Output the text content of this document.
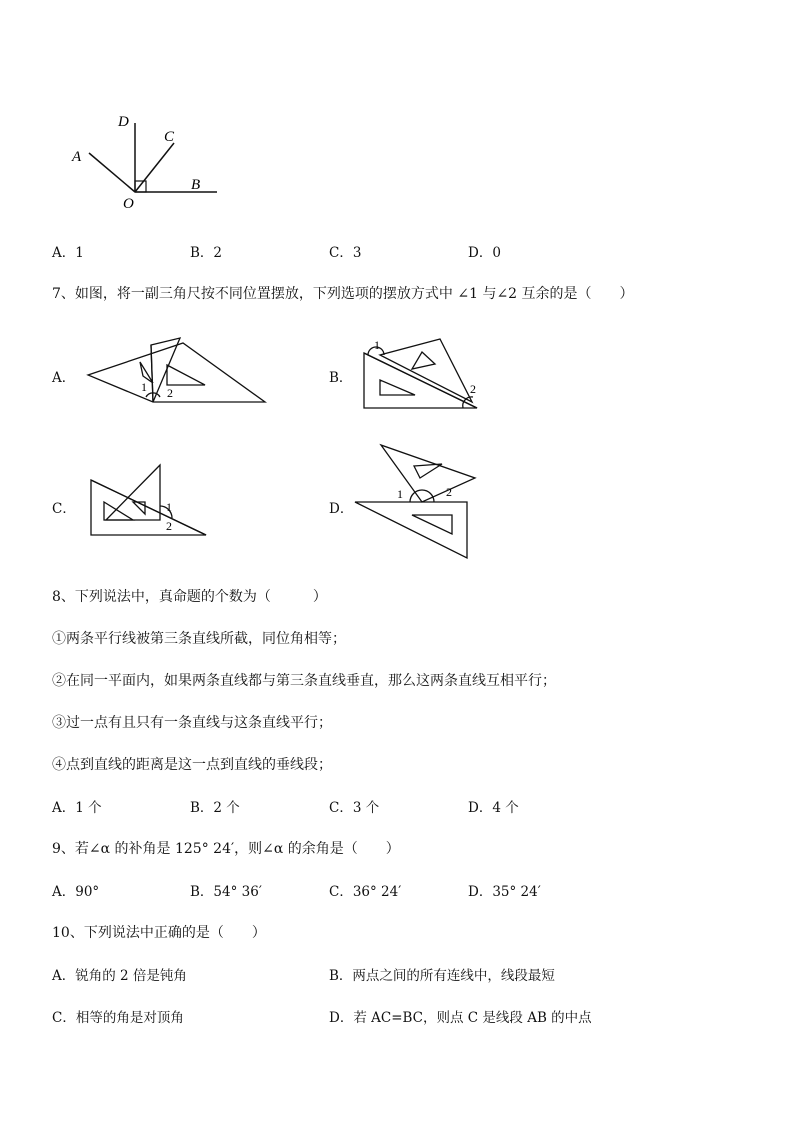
D
C
A
B
O
A．1	B．2	C．3	D．0
7、如图，将一副三角尺按不同位置摆放，下列选项的摆放方式中 ∠1 与∠2 互余的是（　　）
A．
1 2
B．
1
2
C．	1
2
D．
1	2
8、下列说法中，真命题的个数为（　　　）
①两条平行线被第三条直线所截，同位角相等；
②在同一平面内，如果两条直线都与第三条直线垂直，那么这两条直线互相平行；
③过一点有且只有一条直线与这条直线平行；
④点到直线的距离是这一点到直线的垂线段；
A．1 个	B．2 个	C．3 个	D．4 个
9、若∠α 的补角是 125° 24′，则∠α 的余角是（　　）
A．90°	B．54° 36′	C．36° 24′	D．35° 24′
10、下列说法中正确的是（　　）
A．锐角的 2 倍是钝角	B．两点之间的所有连线中，线段最短
C．相等的角是对顶角	D．若 AC=BC，则点 C 是线段 AB 的中点
